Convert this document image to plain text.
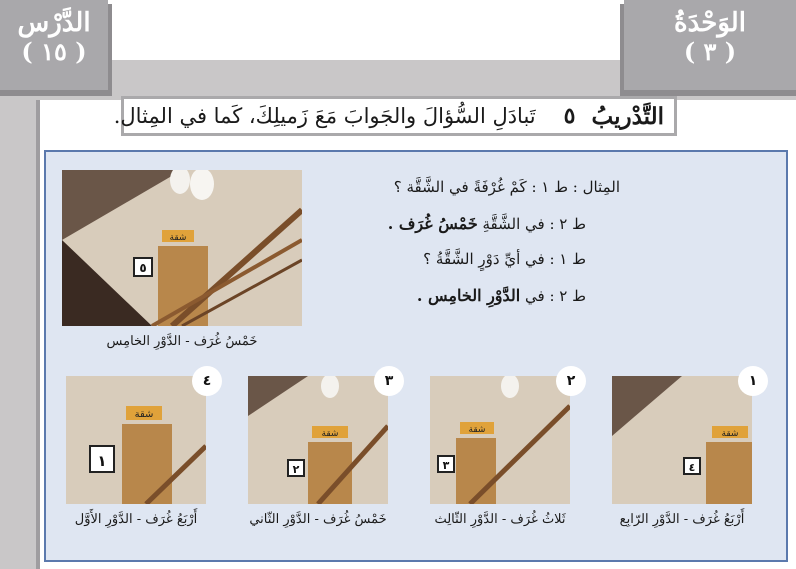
الوَحْدَةُ
( ٣ )
الدَّرْس
( ١٥ )
التَّدْريبُ
٥
تَبادَلِ السُّؤالَ والجَوابَ مَعَ زَميلِكَ، كَما في المِثال.
المِثال : ط ١ : كَمْ غُرْفَةً في الشَّقَّة ؟
ط ٢ : في الشَّقَّةِ خَمْسُ غُرَف .
ط ١ : في أيِّ دَوْرٍ الشَّقَّةُ ؟
ط ٢ : في الدَّوْرِ الخامِس .
شقة
٥
خَمْسُ غُرَف - الدَّوْرِ الخامِس
شقة
٤
١
أَرْبَعُ غُرَف - الدَّوْرِ الرّابِع
شقة
٣
٢
ثَلاثُ غُرَف - الدَّوْرِ الثّالِث
شقة
٢
٣
خَمْسُ غُرَف - الدَّوْرِ الثّاني
شقة
١
٤
أَرْبَعُ غُرَف - الدَّوْرِ الأَوَّل
